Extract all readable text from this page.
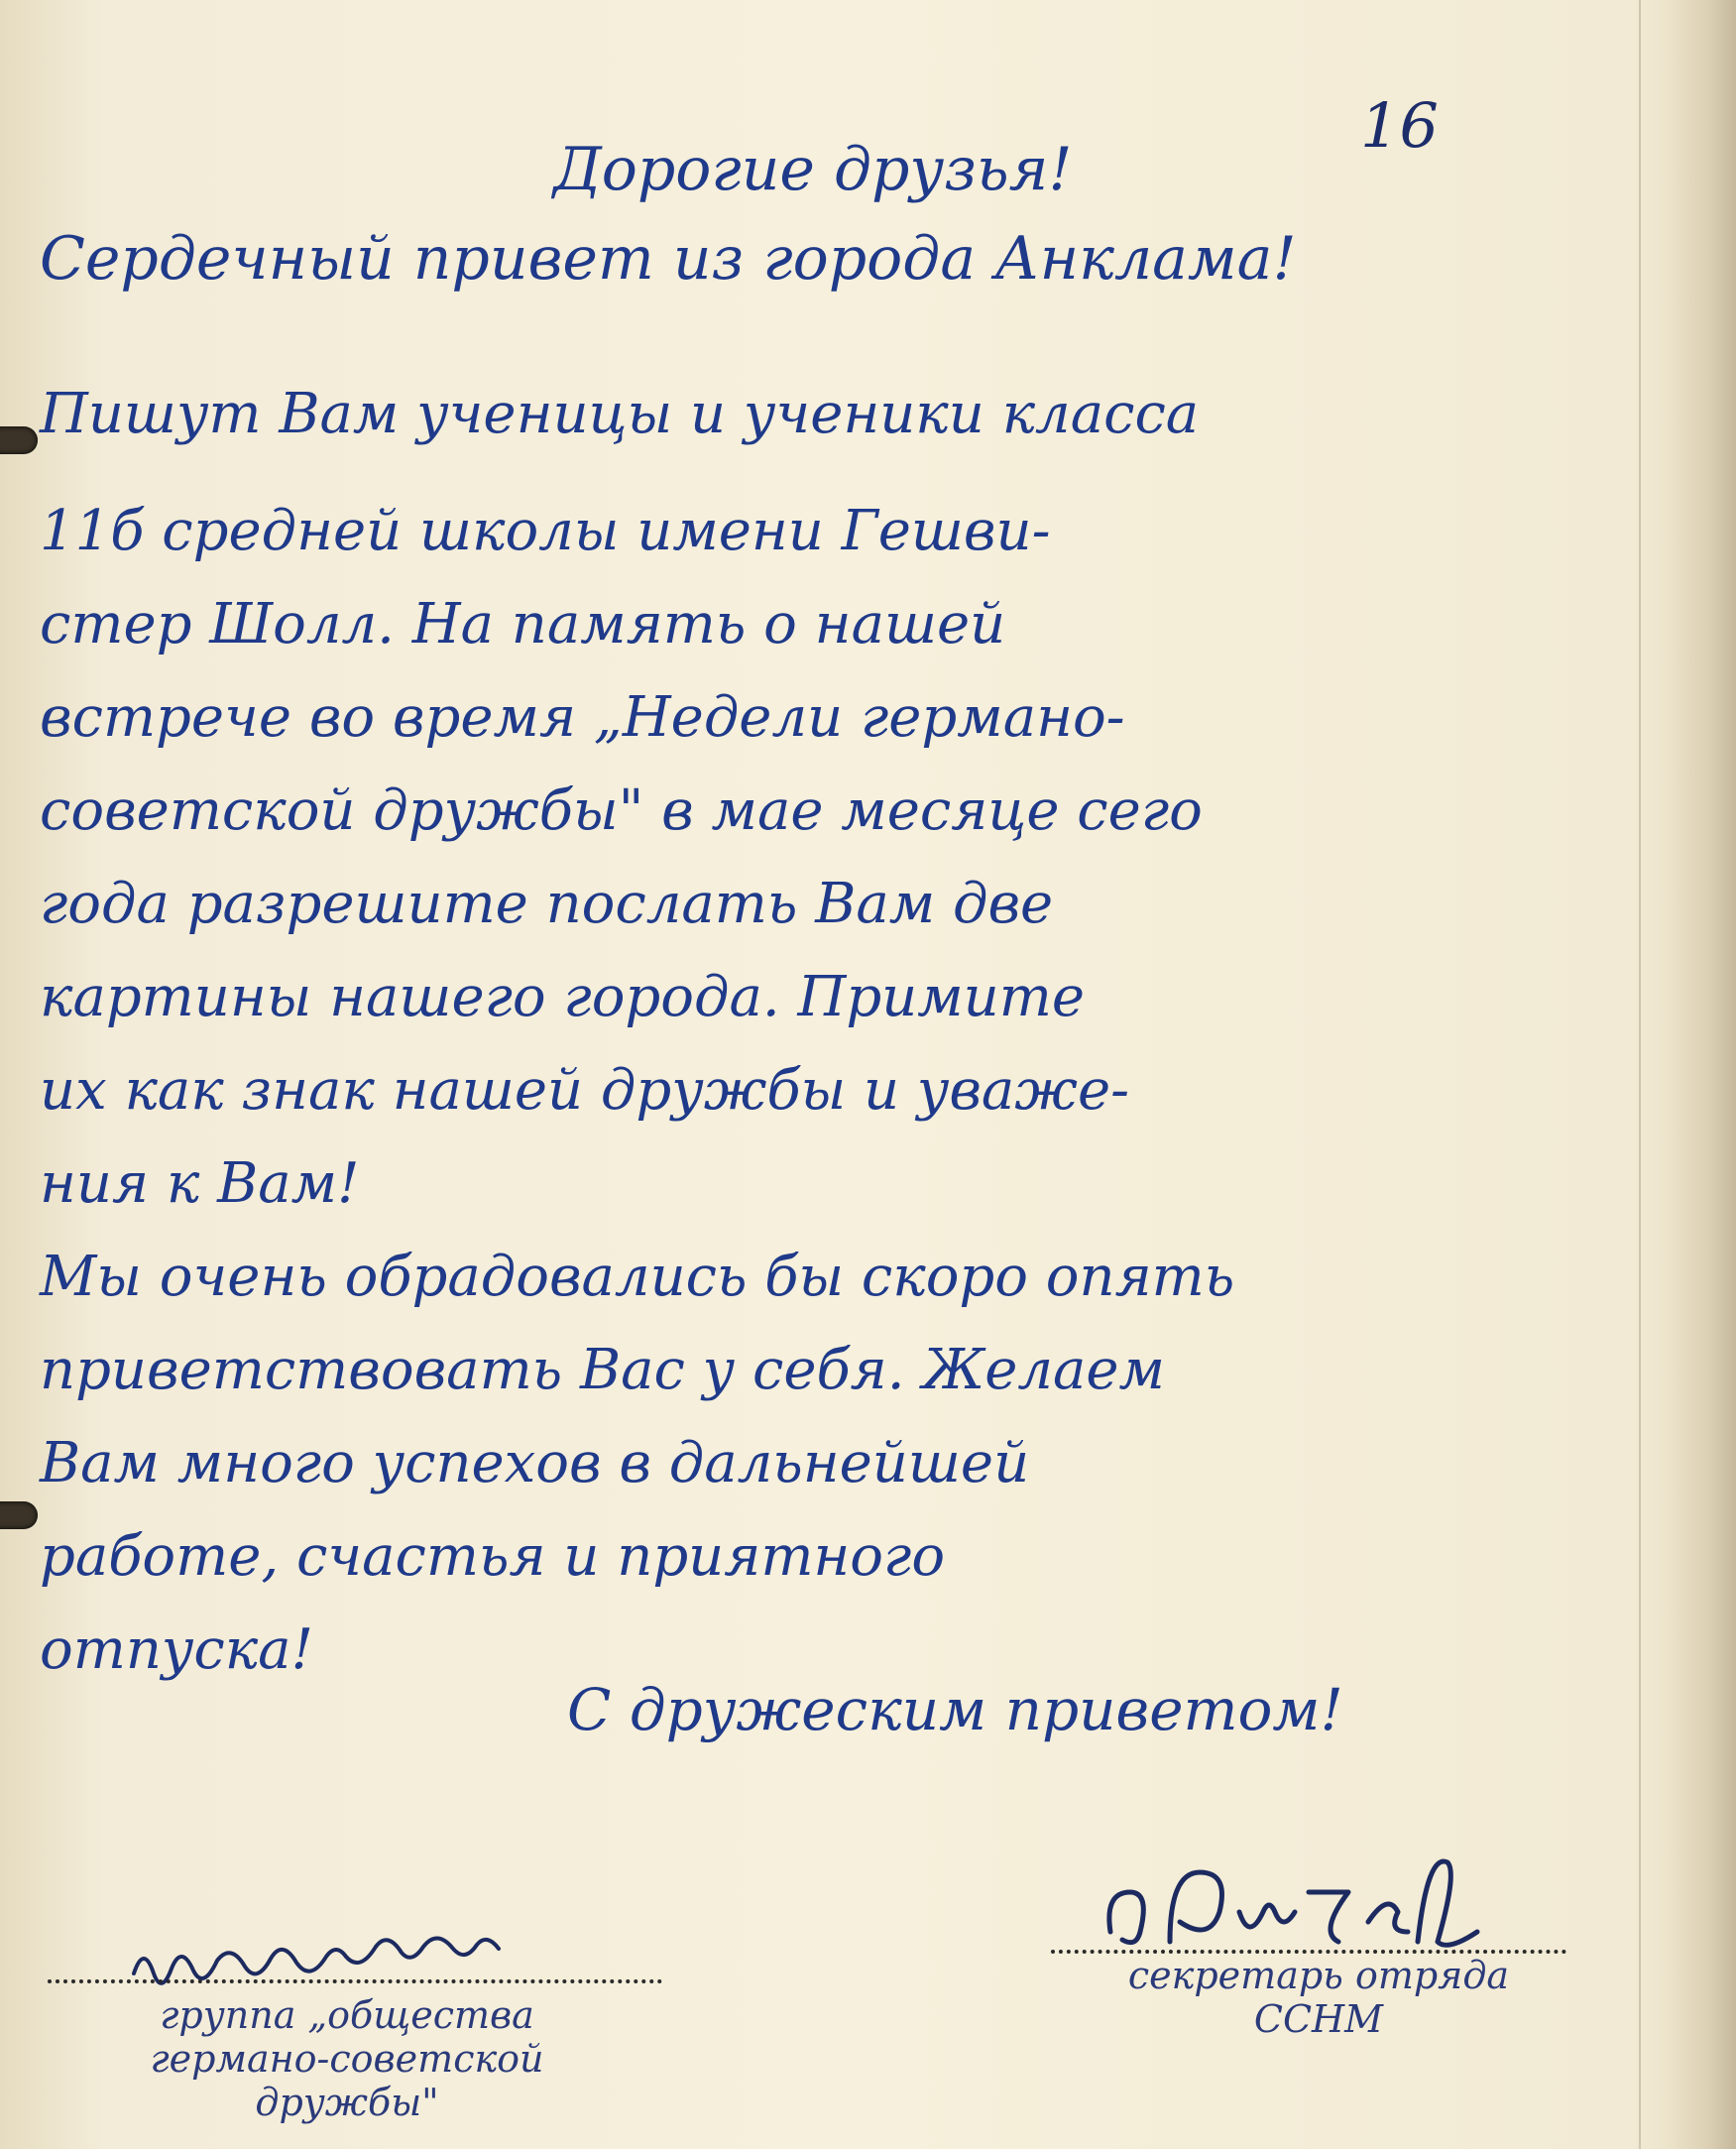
16
Дорогие друзья!
Сердечный привет из города Анклама!
Пишут Вам ученицы и ученики класса
11б средней школы имени Гешви-
стер Шолл. На память о нашей
встрече во время „Недели германо-
советской дружбы" в мае месяце сего
года разрешите послать Вам две
картины нашего города. Примите
их как знак нашей дружбы и уваже-
ния к Вам!
Мы очень обрадовались бы скоро опять
приветствовать Вас у себя. Желаем
Вам много успехов в дальнейшей
работе, счастья и приятного
отпуска!
С дружеским приветом!
группа „общества
германо-советской
дружбы"
секретарь отряда
ССНМ
